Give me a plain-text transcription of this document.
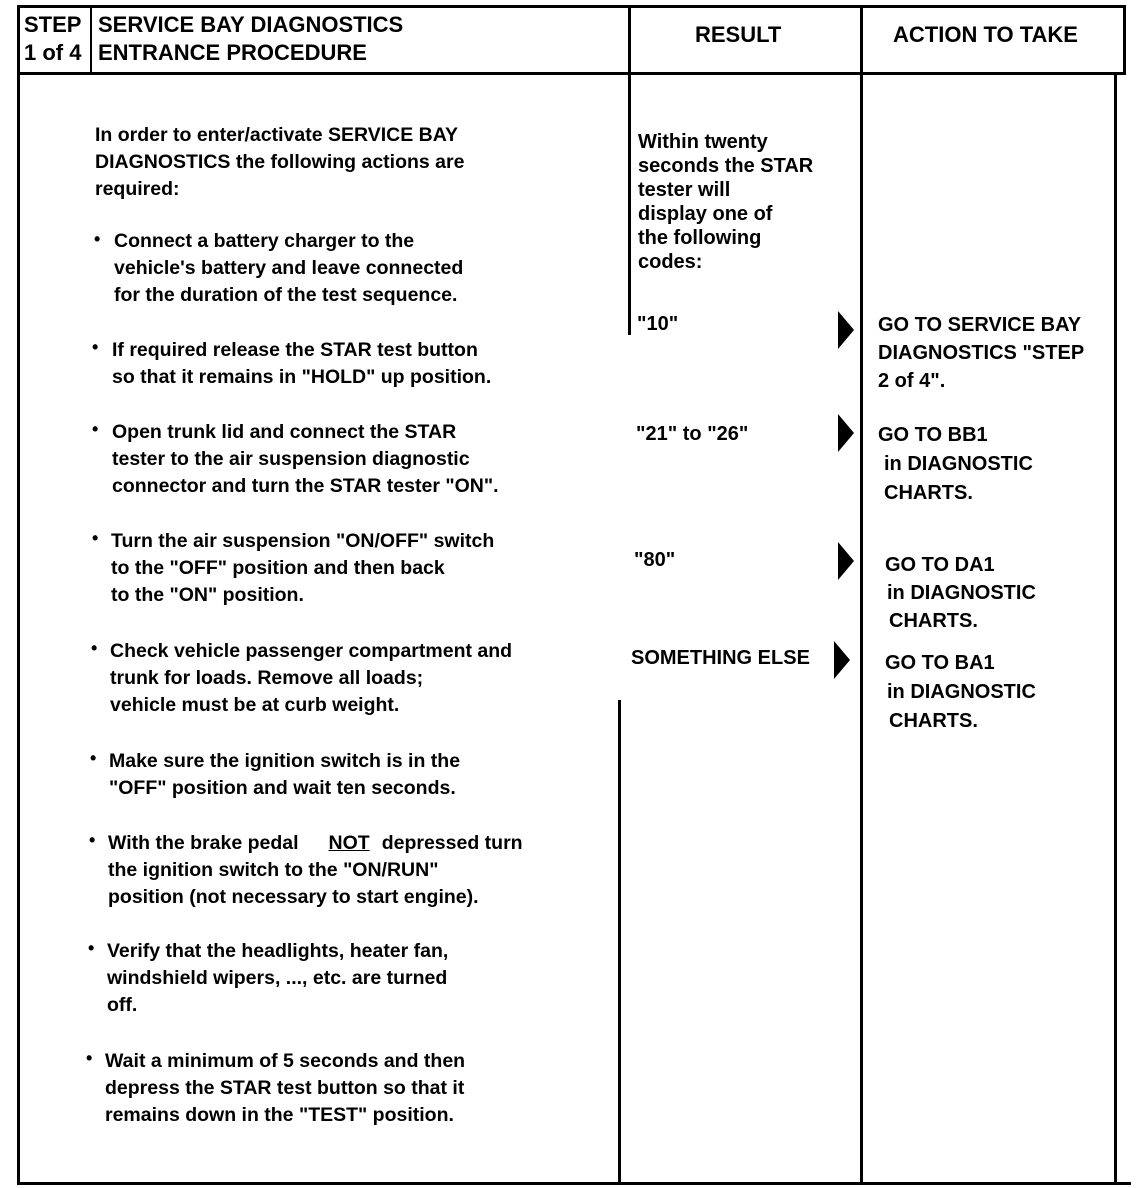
STEP
1 of 4
SERVICE BAY DIAGNOSTICS
ENTRANCE PROCEDURE
RESULT	ACTION TO TAKE
In order to enter/activate SERVICE BAY
DIAGNOSTICS the following actions are
required:
• Connect a battery charger to the
vehicle's battery and leave connected
for the duration of the test sequence.
• If required release the STAR test button
so that it remains in "HOLD" up position.
• Open trunk lid and connect the STAR
tester to the air suspension diagnostic
connector and turn the STAR tester "ON".
• Turn the air suspension "ON/OFF" switch
to the "OFF" position and then back
to the "ON" position.
• Check vehicle passenger compartment and
trunk for loads. Remove all loads;
vehicle must be at curb weight.
• Make sure the ignition switch is in the
"OFF" position and wait ten seconds.
• With the brake pedal NOT depressed turn
the ignition switch to the "ON/RUN"
position (not necessary to start engine).
• Verify that the headlights, heater fan,
windshield wipers, ..., etc. are turned
off.
• Wait a minimum of 5 seconds and then
depress the STAR test button so that it
remains down in the "TEST" position.
Within twenty
seconds the STAR
tester will
display one of
the following
codes:
"10"
"21" to "26"
"80"
SOMETHING ELSE
GO TO SERVICE BAY
DIAGNOSTICS "STEP
2 of 4".
GO TO BB1
in DIAGNOSTIC
CHARTS.
GO TO DA1
in DIAGNOSTIC
CHARTS.
GO TO BA1
in DIAGNOSTIC
CHARTS.
